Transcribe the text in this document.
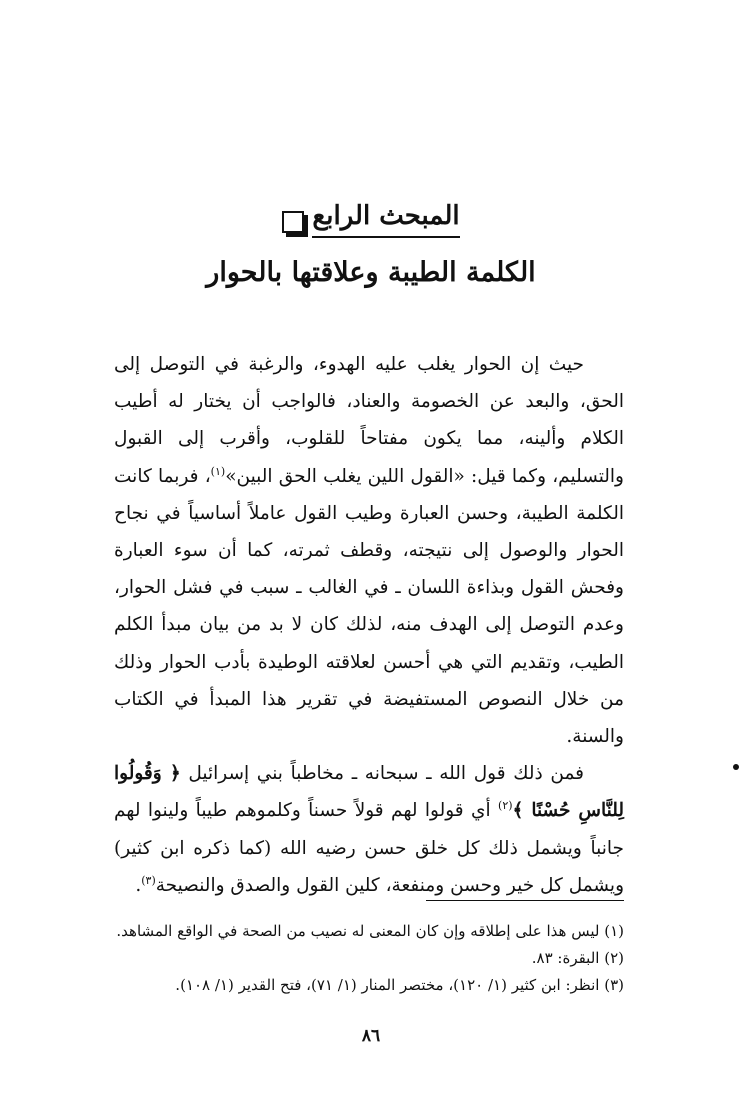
المبحث الرابع
الكلمة الطيبة وعلاقتها بالحوار

حيث إن الحوار يغلب عليه الهدوء، والرغبة في التوصل إلى الحق، والبعد عن الخصومة والعناد، فالواجب أن يختار له أطيب الكلام وألينه، مما يكون مفتاحاً للقلوب، وأقرب إلى القبول والتسليم، وكما قيل: «القول اللين يغلب الحق البين»$^{(١)}$، فربما كانت الكلمة الطيبة، وحسن العبارة وطيب القول عاملاً أساسياً في نجاح الحوار والوصول إلى نتيجته، وقطف ثمرته، كما أن سوء العبارة وفحش القول وبذاءة اللسان ـ في الغالب ـ سبب في فشل الحوار، وعدم التوصل إلى الهدف منه، لذلك كان لا بد من بيان مبدأ الكلم الطيب، وتقديم التي هي أحسن لعلاقته الوطيدة بأدب الحوار وذلك من خلال النصوص المستفيضة في تقرير هذا المبدأ في الكتاب والسنة.

فمن ذلك قول الله ـ سبحانه ـ مخاطباً بني إسرائيل ﴿ وَقُولُوا لِلنَّاسِ حُسْنًا ﴾$^{(٢)}$ أي قولوا لهم قولاً حسناً وكلموهم طيباً ولينوا لهم جانباً ويشمل ذلك كل خلق حسن رضيه الله (كما ذكره ابن كثير) ويشمل كل خير وحسن ومنفعة، كلين القول والصدق والنصيحة$^{(٣)}$.

(١) ليس هذا على إطلاقه وإن كان المعنى له نصيب من الصحة في الواقع المشاهد.
(٢) البقرة: ٨٣.
(٣) انظر: ابن كثير (١/ ١٢٠)، مختصر المنار (١/ ٧١)، فتح القدير (١/ ١٠٨).
٨٦
